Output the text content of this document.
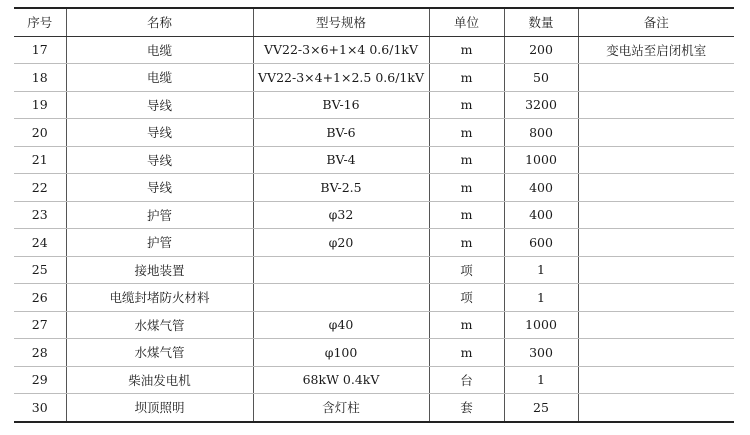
序号	名称	型号规格	单位	数量	备注
17	电缆	VV22-3×6+1×4 0.6/1kV	m	200	变电站至启闭机室
18	电缆	VV22-3×4+1×2.5 0.6/1kV	m	50	
19	导线	BV-16	m	3200	
20	导线	BV-6	m	800	
21	导线	BV-4	m	1000	
22	导线	BV-2.5	m	400	
23	护管	φ32	m	400	
24	护管	φ20	m	600	
25	接地装置		项	1	
26	电缆封堵防火材料		项	1	
27	水煤气管	φ40	m	1000	
28	水煤气管	φ100	m	300	
29	柴油发电机	68kW 0.4kV	台	1	
30	坝顶照明	含灯柱	套	25	
